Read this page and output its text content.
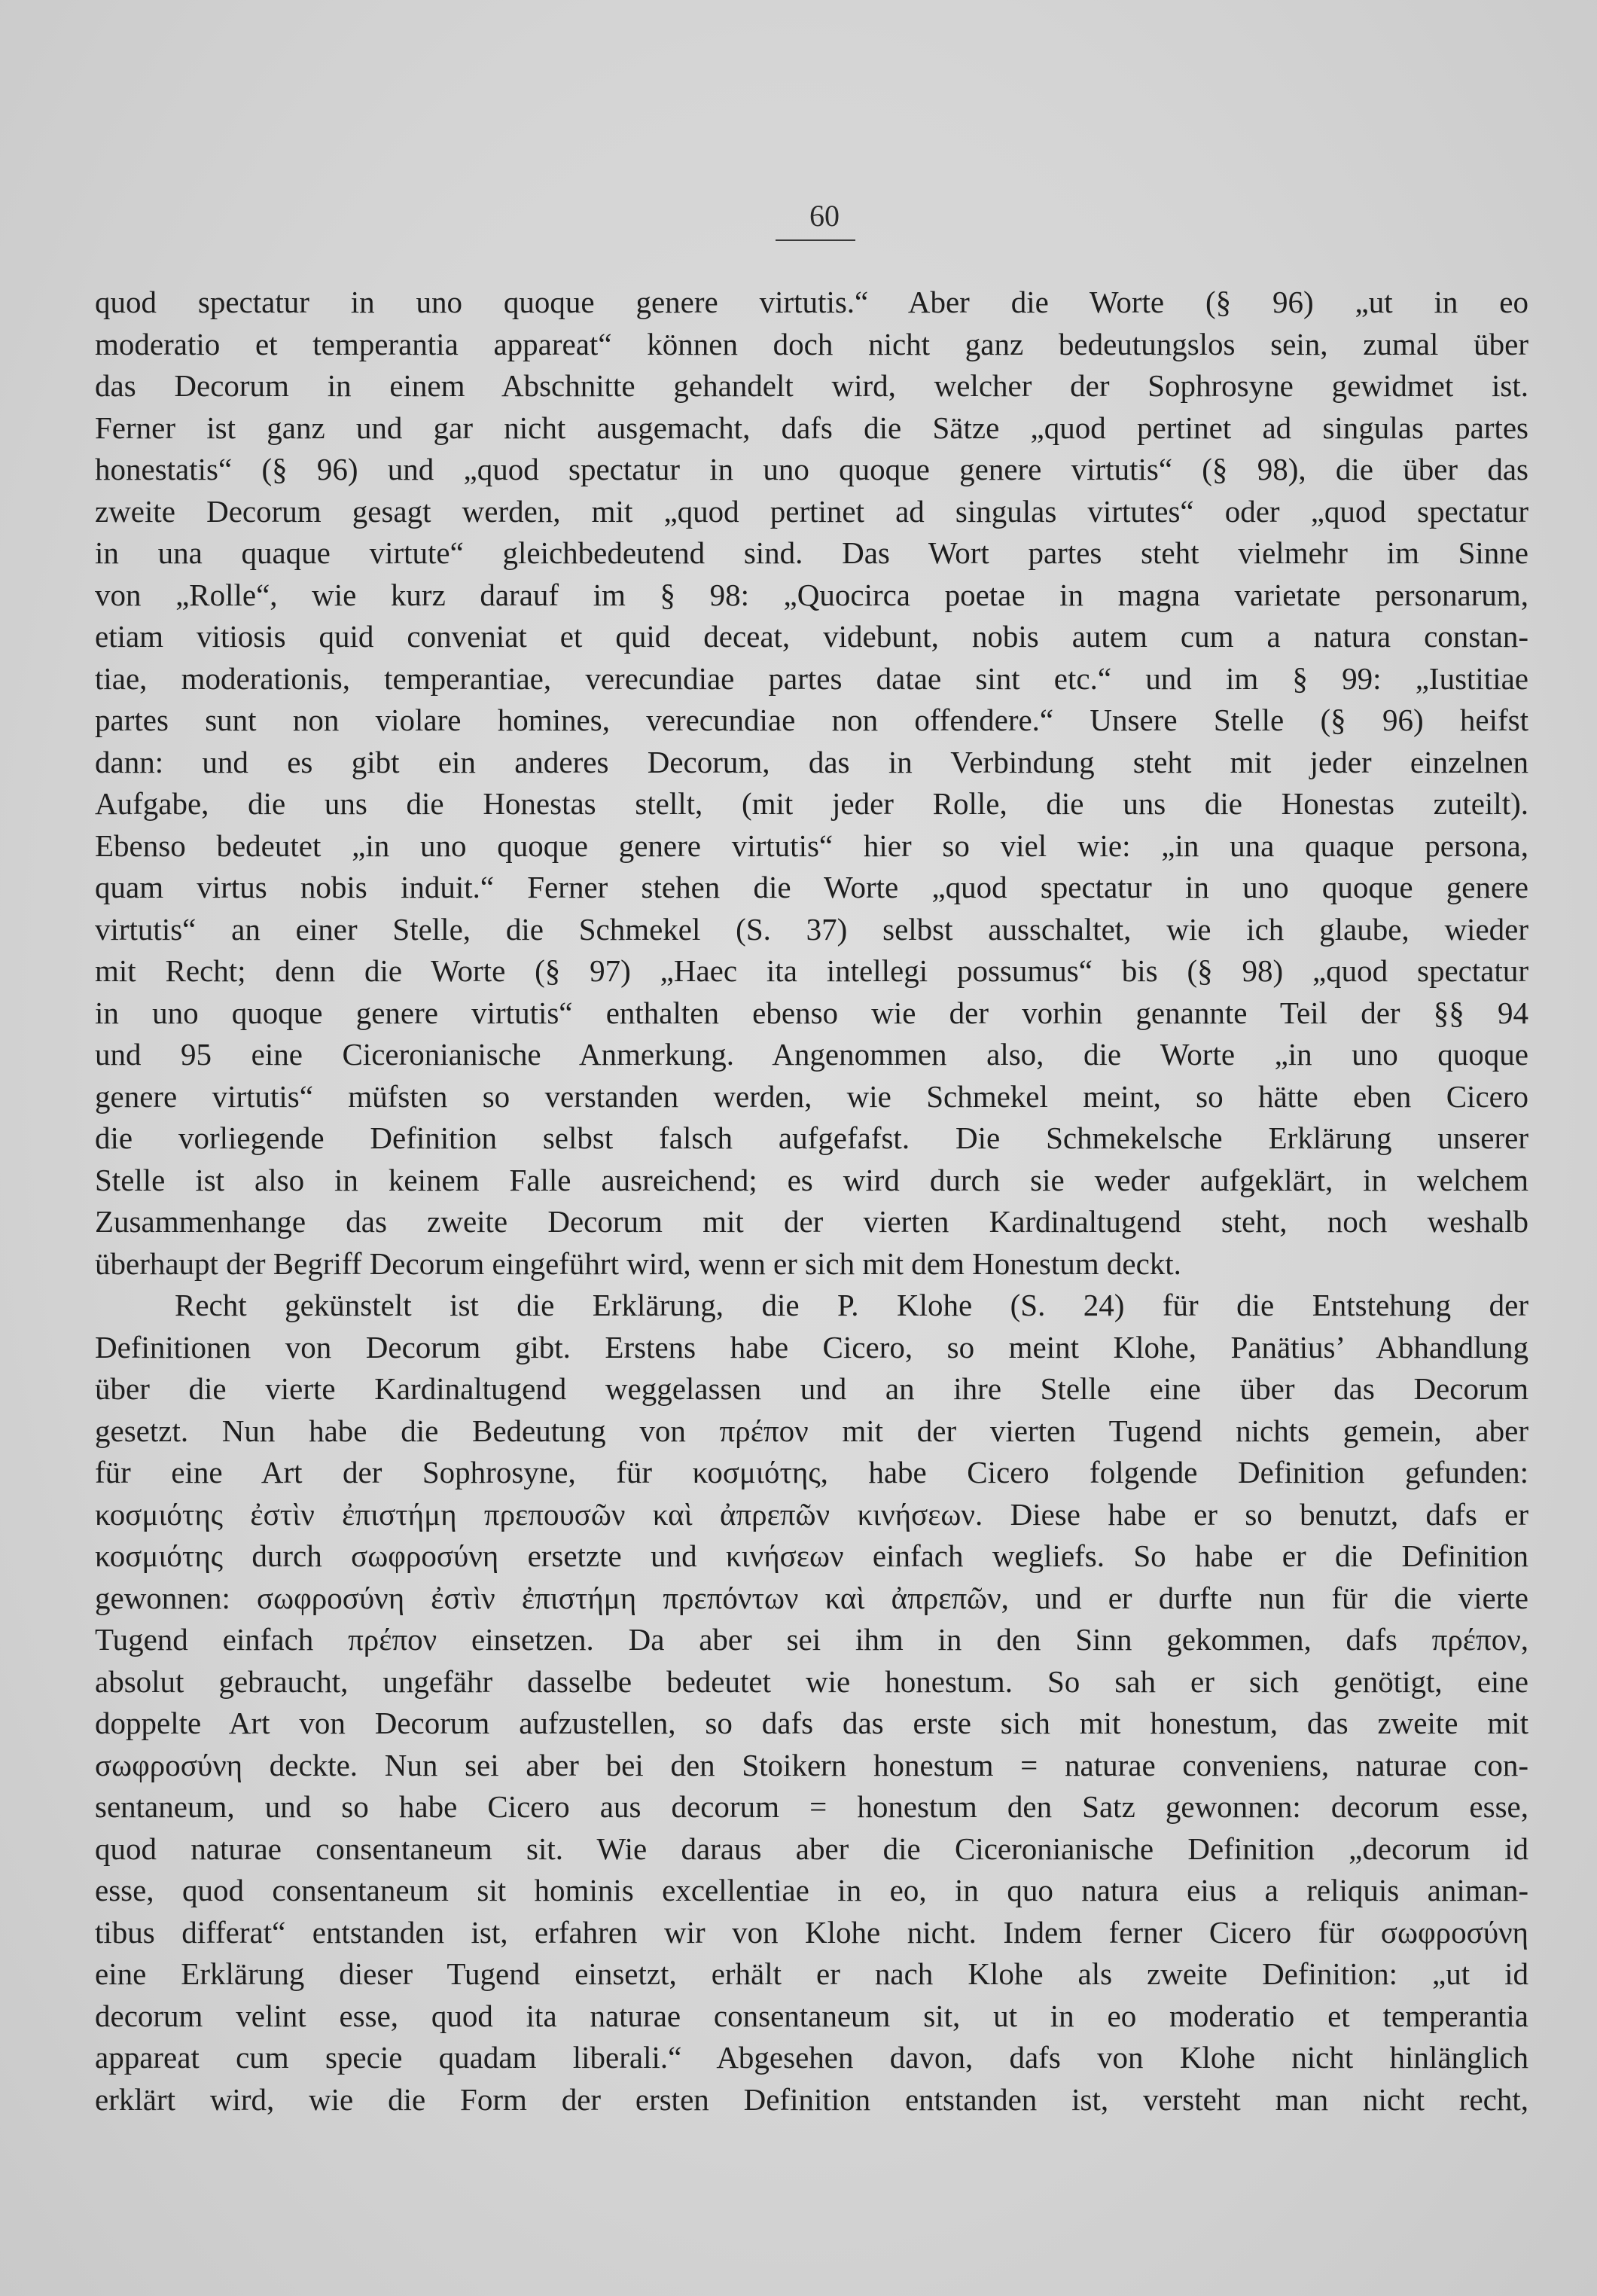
60
quod spectatur in uno quoque genere virtutis.“ Aber die Worte (§ 96) „ut in eo
moderatio et temperantia appareat“ können doch nicht ganz bedeutungslos sein, zumal über
das Decorum in einem Abschnitte gehandelt wird, welcher der Sophrosyne gewidmet ist.
Ferner ist ganz und gar nicht ausgemacht, dafs die Sätze „quod pertinet ad singulas partes
honestatis“ (§ 96) und „quod spectatur in uno quoque genere virtutis“ (§ 98), die über das
zweite Decorum gesagt werden, mit „quod pertinet ad singulas virtutes“ oder „quod spectatur
in una quaque virtute“ gleichbedeutend sind. Das Wort partes steht vielmehr im Sinne
von „Rolle“, wie kurz darauf im § 98: „Quocirca poetae in magna varietate personarum,
etiam vitiosis quid conveniat et quid deceat, videbunt, nobis autem cum a natura constan-
tiae, moderationis, temperantiae, verecundiae partes datae sint etc.“ und im § 99: „Iustitiae
partes sunt non violare homines, verecundiae non offendere.“ Unsere Stelle (§ 96) heifst
dann: und es gibt ein anderes Decorum, das in Verbindung steht mit jeder einzelnen
Aufgabe, die uns die Honestas stellt, (mit jeder Rolle, die uns die Honestas zuteilt).
Ebenso bedeutet „in uno quoque genere virtutis“ hier so viel wie: „in una quaque persona,
quam virtus nobis induit.“ Ferner stehen die Worte „quod spectatur in uno quoque genere
virtutis“ an einer Stelle, die Schmekel (S. 37) selbst ausschaltet, wie ich glaube, wieder
mit Recht; denn die Worte (§ 97) „Haec ita intellegi possumus“ bis (§ 98) „quod spectatur
in uno quoque genere virtutis“ enthalten ebenso wie der vorhin genannte Teil der §§ 94
und 95 eine Ciceronianische Anmerkung. Angenommen also, die Worte „in uno quoque
genere virtutis“ müfsten so verstanden werden, wie Schmekel meint, so hätte eben Cicero
die vorliegende Definition selbst falsch aufgefafst. Die Schmekelsche Erklärung unserer
Stelle ist also in keinem Falle ausreichend; es wird durch sie weder aufgeklärt, in welchem
Zusammenhange das zweite Decorum mit der vierten Kardinaltugend steht, noch weshalb
überhaupt der Begriff Decorum eingeführt wird, wenn er sich mit dem Honestum deckt.
Recht gekünstelt ist die Erklärung, die P. Klohe (S. 24) für die Entstehung der
Definitionen von Decorum gibt. Erstens habe Cicero, so meint Klohe, Panätius’ Abhandlung
über die vierte Kardinaltugend weggelassen und an ihre Stelle eine über das Decorum
gesetzt. Nun habe die Bedeutung von πρέπον mit der vierten Tugend nichts gemein, aber
für eine Art der Sophrosyne, für κοσμιότης, habe Cicero folgende Definition gefunden:
κοσμιότης ἐστὶν ἐπιστήμη πρεπουσῶν καὶ ἀπρεπῶν κινήσεων. Diese habe er so benutzt, dafs er
κοσμιότης durch σωφροσύνη ersetzte und κινήσεων einfach wegliefs. So habe er die Definition
gewonnen: σωφροσύνη ἐστὶν ἐπιστήμη πρεπόντων καὶ ἀπρεπῶν, und er durfte nun für die vierte
Tugend einfach πρέπον einsetzen. Da aber sei ihm in den Sinn gekommen, dafs πρέπον,
absolut gebraucht, ungefähr dasselbe bedeutet wie honestum. So sah er sich genötigt, eine
doppelte Art von Decorum aufzustellen, so dafs das erste sich mit honestum, das zweite mit
σωφροσύνη deckte. Nun sei aber bei den Stoikern honestum = naturae conveniens, naturae con-
sentaneum, und so habe Cicero aus decorum = honestum den Satz gewonnen: decorum esse,
quod naturae consentaneum sit. Wie daraus aber die Ciceronianische Definition „decorum id
esse, quod consentaneum sit hominis excellentiae in eo, in quo natura eius a reliquis animan-
tibus differat“ entstanden ist, erfahren wir von Klohe nicht. Indem ferner Cicero für σωφροσύνη
eine Erklärung dieser Tugend einsetzt, erhält er nach Klohe als zweite Definition: „ut id
decorum velint esse, quod ita naturae consentaneum sit, ut in eo moderatio et temperantia
appareat cum specie quadam liberali.“ Abgesehen davon, dafs von Klohe nicht hinlänglich
erklärt wird, wie die Form der ersten Definition entstanden ist, versteht man nicht recht,
